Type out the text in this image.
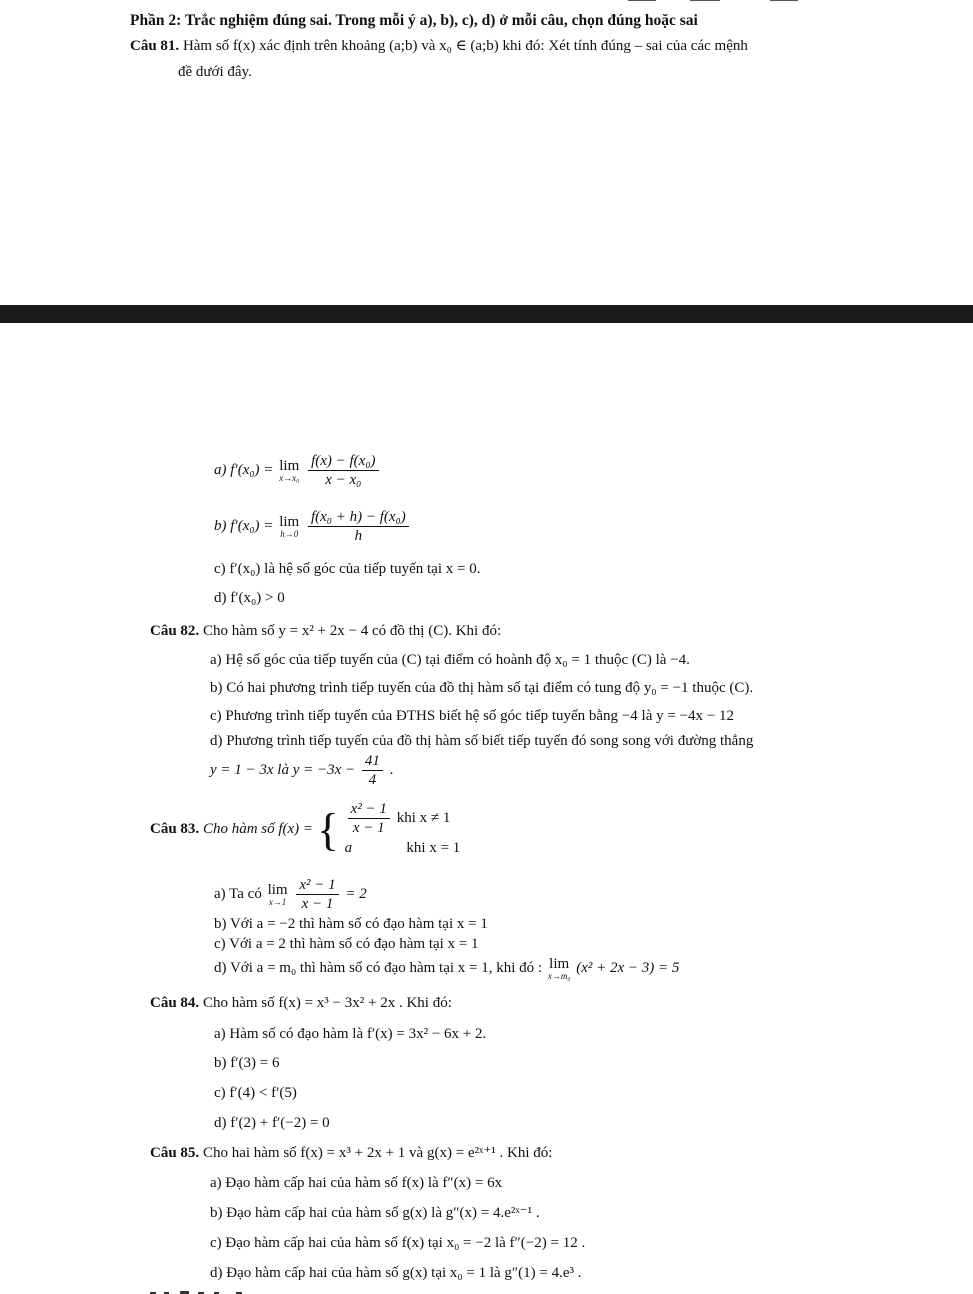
Phần 2: Trắc nghiệm đúng sai. Trong mỗi ý a), b), c), d) ở mỗi câu, chọn đúng hoặc sai
Câu 81. Hàm số f(x) xác định trên khoảng (a;b) và x₀ ∈ (a;b) khi đó: Xét tính đúng – sai của các mệnh
đề dưới đây.
a) f′(x₀) = lim
x→x₀
$\frac{\text{f(x) − f(x₀)}}{\text{x − x₀}}$
b) f′(x₀) = lim
h→0
$\frac{\text{f(x₀ + h) − f(x₀)}}{h}$
c) f′(x₀) là hệ số góc của tiếp tuyến tại x = 0.
d) f′(x₀) > 0
Câu 82. Cho hàm số y = x² + 2x − 4 có đồ thị (C). Khi đó:
a) Hệ số góc của tiếp tuyến của (C) tại điểm có hoành độ x₀ = 1 thuộc (C) là −4.
b) Có hai phương trình tiếp tuyến của đồ thị hàm số tại điểm có tung độ y₀ = −1 thuộc (C).
c) Phương trình tiếp tuyến của ĐTHS biết hệ số góc tiếp tuyến bằng −4 là y = −4x − 12
d) Phương trình tiếp tuyến của đồ thị hàm số biết tiếp tuyến đó song song với đường thẳng
y = 1 − 3x là $y = -3x - \frac{41}{4}$ .
Câu 83. Cho hàm số f(x) = { $\frac{\text{x² − 1}}{x - 1}$ khi x ≠ 1
a	khi x = 1
a) Ta có lim
x→1
$\frac{\text{x² − 1}}{x - 1} = 2$
b) Với a = −2 thì hàm số có đạo hàm tại x = 1
c) Với a = 2 thì hàm số có đạo hàm tại x = 1
d) Với a = m₀ thì hàm số có đạo hàm tại x = 1, khi đó : lim
x→m₀
(x² + 2x − 3) = 5
Câu 84. Cho hàm số f(x) = x³ − 3x² + 2x . Khi đó:
a) Hàm số có đạo hàm là f′(x) = 3x² − 6x + 2.
b) f′(3) = 6
c) f′(4) < f′(5)
d) f′(2) + f′(−2) = 0
Câu 85. Cho hai hàm số f(x) = x³ + 2x + 1 và g(x) = e²ˣ⁺¹ . Khi đó:
a) Đạo hàm cấp hai của hàm số f(x) là f″(x) = 6x
b) Đạo hàm cấp hai của hàm số g(x) là g″(x) = 4.e²ˣ⁻¹ .
c) Đạo hàm cấp hai của hàm số f(x) tại x₀ = −2 là f″(−2) = 12 .
d) Đạo hàm cấp hai của hàm số g(x) tại x₀ = 1 là g″(1) = 4.e³ .
